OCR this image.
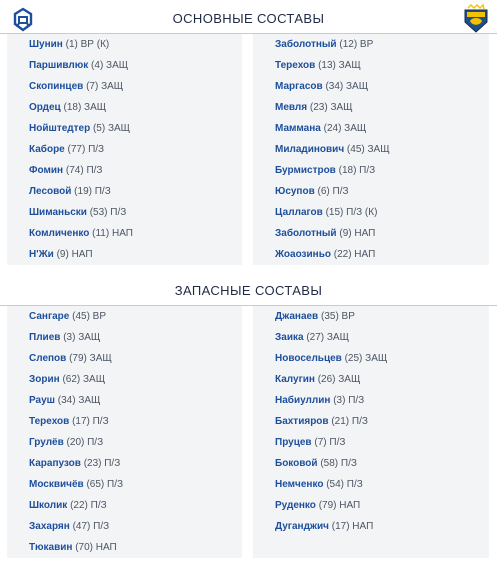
ОСНОВНЫЕ СОСТАВЫ
Шунин (1) ВР (К)
Паршивлюк (4) ЗАЩ
Скопинцев (7) ЗАЩ
Ордец (18) ЗАЩ
Нойштедтер (5) ЗАЩ
Каборе (77) П/З
Фомин (74) П/З
Лесовой (19) П/З
Шиманьски (53) П/З
Комличенко (11) НАП
Н'Жи (9) НАП
Заболотный (12) ВР
Терехов (13) ЗАЩ
Маргасов (34) ЗАЩ
Мевля (23) ЗАЩ
Маммана (24) ЗАЩ
Миладинович (45) ЗАЩ
Бурмистров (18) П/З
Юсупов (6) П/З
Цаллагов (15) П/З (К)
Заболотный (9) НАП
Жоаозиньо (22) НАП
ЗАПАСНЫЕ СОСТАВЫ
Сангаре (45) ВР
Плиев (3) ЗАЩ
Слепов (79) ЗАЩ
Зорин (62) ЗАЩ
Рауш (34) ЗАЩ
Терехов (17) П/З
Грулёв (20) П/З
Карапузов (23) П/З
Москвичёв (65) П/З
Школик (22) П/З
Захарян (47) П/З
Тюкавин (70) НАП
Джанаев (35) ВР
Заика (27) ЗАЩ
Новосельцев (25) ЗАЩ
Калугин (26) ЗАЩ
Набиуллин (3) П/З
Бахтияров (21) П/З
Пруцев (7) П/З
Боковой (58) П/З
Немченко (54) П/З
Руденко (79) НАП
Дуганджич (17) НАП
